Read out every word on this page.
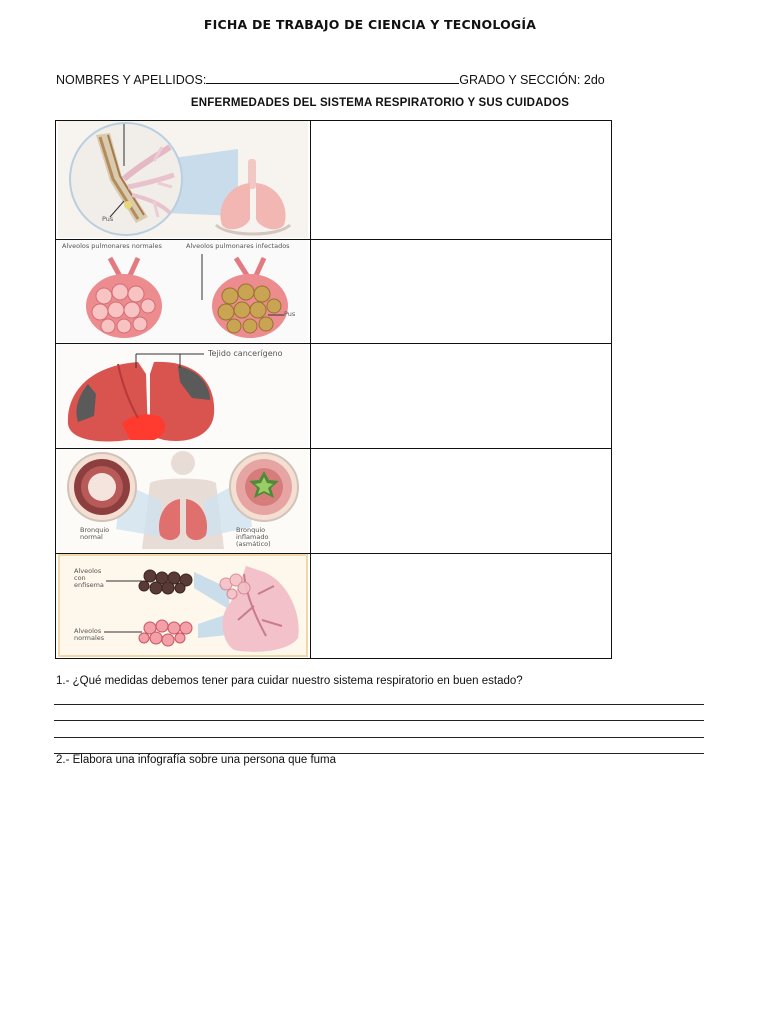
FICHA DE TRABAJO DE CIENCIA Y TECNOLOGÍA
NOMBRES Y APELLIDOS:	GRADO Y SECCIÓN: 2do
ENFERMEDADES DEL SISTEMA RESPIRATORIO Y SUS CUIDADOS
Pus	

Alveolos pulmonares normales Alveolos pulmonares infectados
Pus	

Tejido cancerígeno	

Bronquio normal
Bronquio inflamado (asmático)	

Alveolos con enfisema
Alveolos normales	

1.- ¿Qué medidas debemos tener para cuidar nuestro sistema respiratorio en buen estado?
2.- Elabora una infografía sobre una persona que fuma
